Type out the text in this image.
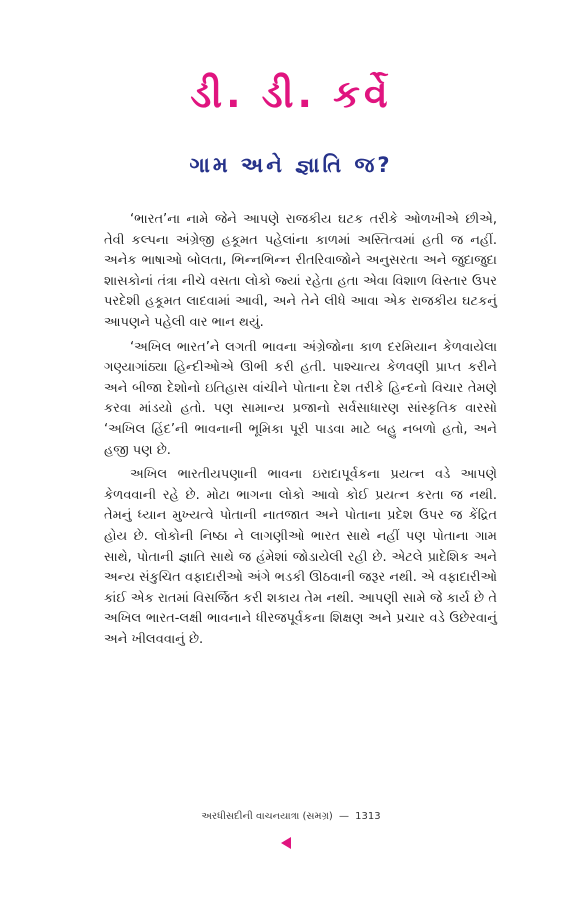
ડી. ડી. કર્વે
ગામ અને જ્ઞાતિ જ?

‘ભારત’ના નામે જેને આપણે રાજકીય ઘટક તરીકે ઓળખીએ છીએ, તેવી કલ્પના અંગ્રેજી હકૂમત પહેલાંના કાળમાં અસ્તિત્વમાં હતી જ નહીં. અનેક ભાષાઓ બોલતા, ભિન્નભિન્ન રીતરિવાજોને અનુસરતા અને જુદાજુદા શાસકોનાં તંત્રા નીચે વસતા લોકો જ્યાં રહેતા હતા એવા વિશાળ વિસ્તાર ઉપર પરદેશી હકૂમત લાદવામાં આવી, અને તેને લીધે આવા એક રાજકીય ઘટકનું આપણને પહેલી વાર ભાન થયું.

‘અખિલ ભારત’ને લગતી ભાવના અંગ્રેજોના કાળ દરમિયાન કેળવાયેલા ગણ્યાગાંઠ્યા હિન્દીઓએ ઊભી કરી હતી. પાશ્ચાત્ય કેળવણી પ્રાપ્ત કરીને અને બીજા દેશોનો ઇતિહાસ વાંચીને પોતાના દેશ તરીકે હિન્દનો વિચાર તેમણે કરવા માંડયો હતો. પણ સામાન્ય પ્રજાનો સર્વસાધારણ સાંસ્કૃતિક વારસો ‘અખિલ હિંદ’ની ભાવનાની ભૂમિકા પૂરી પાડવા માટે બહુ નબળો હતો, અને હજી પણ છે.

અખિલ ભારતીયપણાની ભાવના ઇરાદાપૂર્વકના પ્રયત્ન વડે આપણે કેળવવાની રહે છે. મોટા ભાગના લોકો આવો કોઈ પ્રયત્ન કરતા જ નથી. તેમનું ધ્યાન મુખ્યત્વે પોતાની નાતજાત અને પોતાના પ્રદેશ ઉપર જ કેંદ્રિત હોય છે. લોકોની નિષ્ઠા ને લાગણીઓ ભારત સાથે નહીં પણ પોતાના ગામ સાથે, પોતાની જ્ઞાતિ સાથે જ હંમેશાં જોડાયેલી રહી છે. એટલે પ્રાદેશિક અને અન્ય સંકુચિત વફાદારીઓ અંગે ભડકી ઊઠવાની જરૂર નથી. એ વફાદારીઓ કાંઈ એક રાતમાં વિસર્જિત કરી શકાય તેમ નથી. આપણી સામે જે કાર્ય છે તે અખિલ ભારત-લક્ષી ભાવનાને ધીરજપૂર્વકના શિક્ષણ અને પ્રચાર વડે ઉછેરવાનું અને ખીલવવાનું છે.

અરધીસદીની વાચનયાત્રા (સમગ્ર) — 1313
